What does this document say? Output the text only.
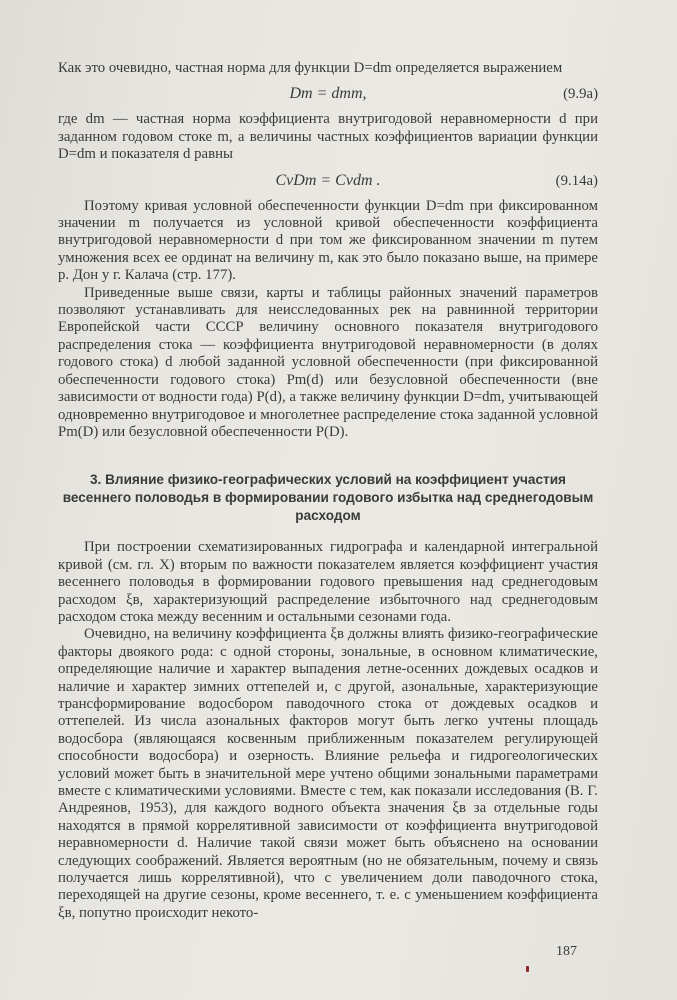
Как это очевидно, частная норма для функции D=dm определяется выражением

Dm = dmm,	(9.9a)

где dm — частная норма коэффициента внутригодовой неравномерности d при заданном годовом стоке m, а величины частных коэффициентов вариации функции D=dm и показателя d равны

CvDm = Cvdm .	(9.14a)

Поэтому кривая условной обеспеченности функции D=dm при фиксированном значении m получается из условной кривой обеспеченности коэффициента внутригодовой неравномерности d при том же фиксированном значении m путем умножения всех ее ординат на величину m, как это было показано выше, на примере р. Дон у г. Калача (стр. 177).

Приведенные выше связи, карты и таблицы районных значений параметров позволяют устанавливать для неисследованных рек на равнинной территории Европейской части СССР величину основного показателя внутригодового распределения стока — коэффициента внутригодовой неравномерности (в долях годового стока) d любой заданной условной обеспеченности (при фиксированной обеспеченности годового стока) Pm(d) или безусловной обеспеченности (вне зависимости от водности года) P(d), а также величину функции D=dm, учитывающей одновременно внутригодовое и многолетнее распределение стока заданной условной Pm(D) или безусловной обеспеченности P(D).

3. Влияние физико-географических условий на коэффициент участия весеннего половодья в формировании годового избытка над среднегодовым расходом

При построении схематизированных гидрографа и календарной интегральной кривой (см. гл. X) вторым по важности показателем является коэффициент участия весеннего половодья в формировании годового превышения над среднегодовым расходом ξв, характеризующий распределение избыточного над среднегодовым расходом стока между весенним и остальными сезонами года.

Очевидно, на величину коэффициента ξв должны влиять физико-географические факторы двоякого рода: с одной стороны, зональные, в основном климатические, определяющие наличие и характер выпадения летне-осенних дождевых осадков и наличие и характер зимних оттепелей и, с другой, азональные, характеризующие трансформирование водосбором паводочного стока от дождевых осадков и оттепелей. Из числа азональных факторов могут быть легко учтены площадь водосбора (являющаяся косвенным приближенным показателем регулирующей способности водосбора) и озерность. Влияние рельефа и гидрогеологических условий может быть в значительной мере учтено общими зональными параметрами вместе с климатическими условиями. Вместе с тем, как показали исследования (В. Г. Андреянов, 1953), для каждого водного объекта значения ξв за отдельные годы находятся в прямой коррелятивной зависимости от коэффициента внутригодовой неравномерности d. Наличие такой связи может быть объяснено на основании следующих соображений. Является вероятным (но не обязательным, почему и связь получается лишь коррелятивной), что с увеличением доли паводочного стока, переходящей на другие сезоны, кроме весеннего, т. е. с уменьшением коэффициента ξв, попутно происходит некото-

187
